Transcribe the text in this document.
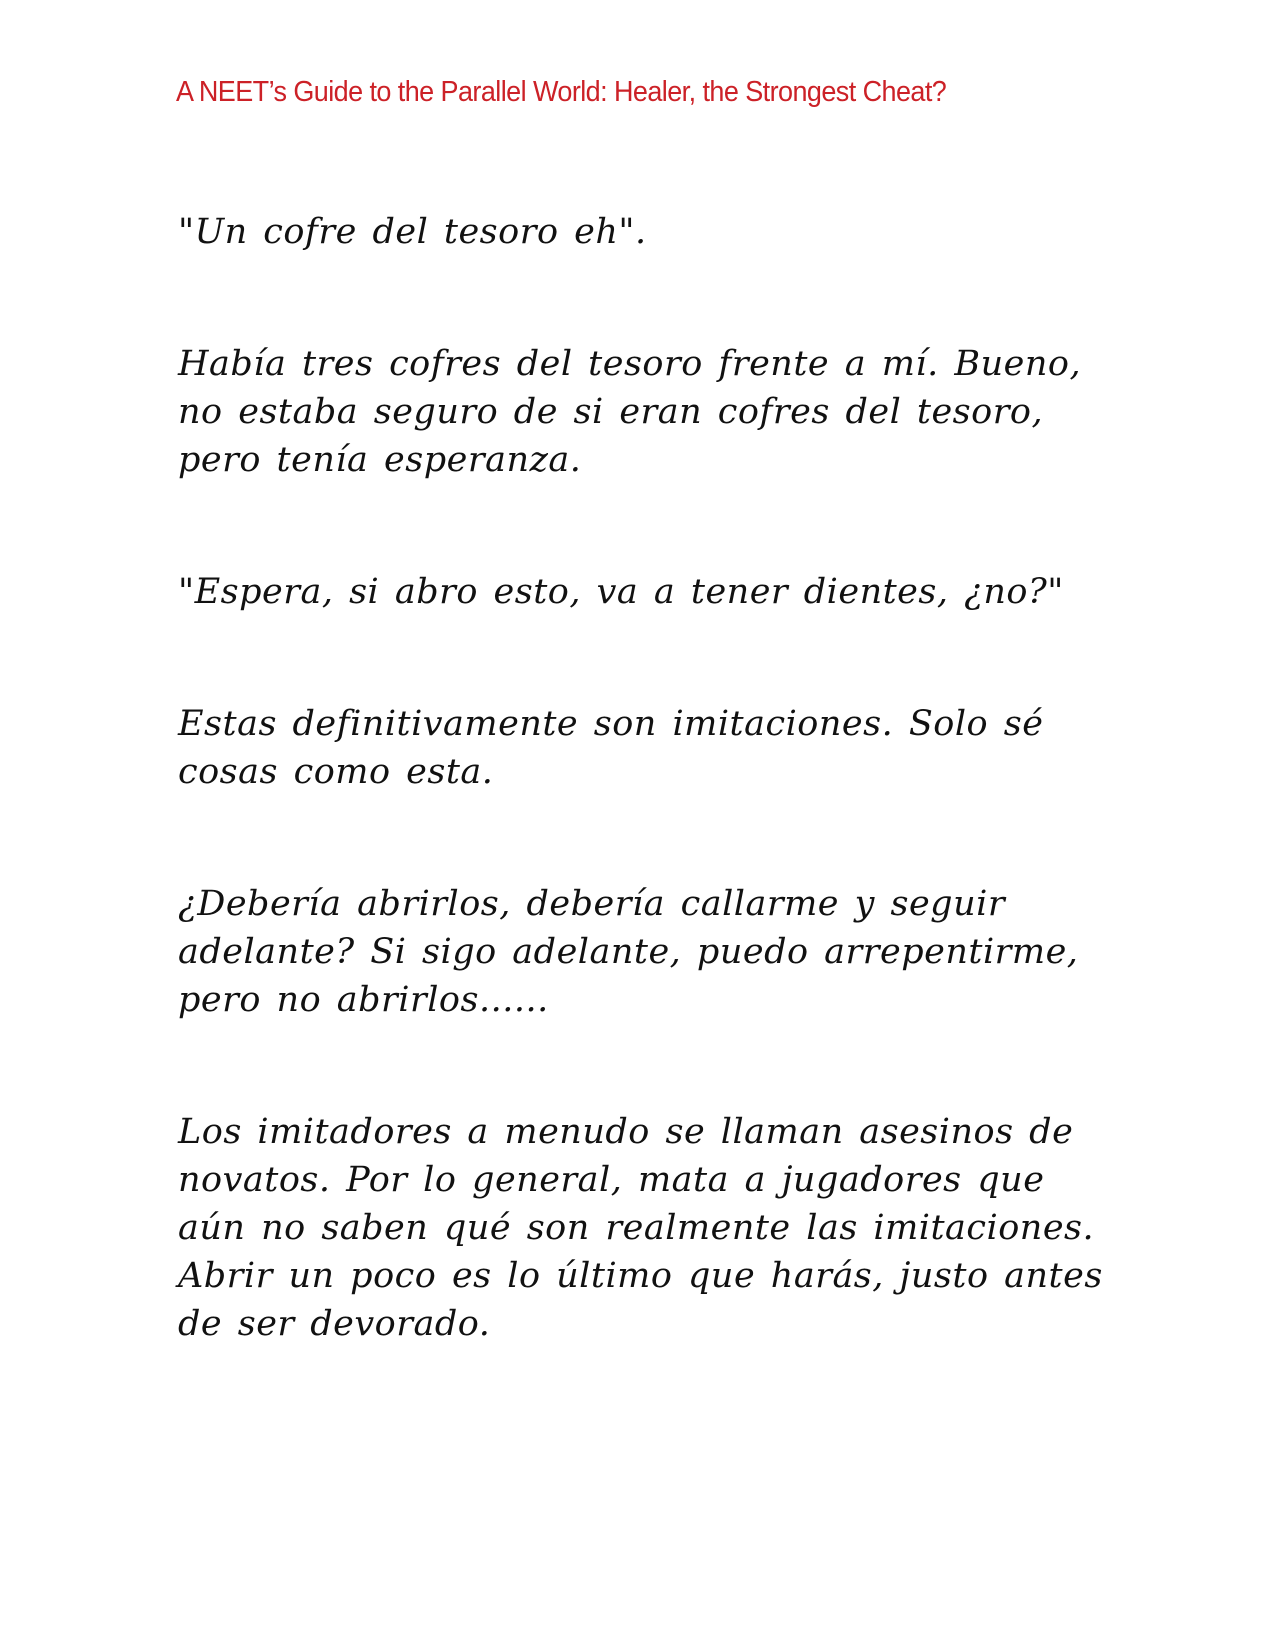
A NEET’s Guide to the Parallel World: Healer, the Strongest Cheat?

"Un cofre del tesoro eh".

Había tres cofres del tesoro frente a mí. Bueno, no estaba seguro de si eran cofres del tesoro, pero tenía esperanza.

"Espera, si abro esto, va a tener dientes, ¿no?"

Estas definitivamente son imitaciones. Solo sé cosas como esta.

¿Debería abrirlos, debería callarme y seguir adelante? Si sigo adelante, puedo arrepentirme, pero no abrirlos......

Los imitadores a menudo se llaman asesinos de novatos. Por lo general, mata a jugadores que aún no saben qué son realmente las imitaciones. Abrir un poco es lo último que harás, justo antes de ser devorado.
